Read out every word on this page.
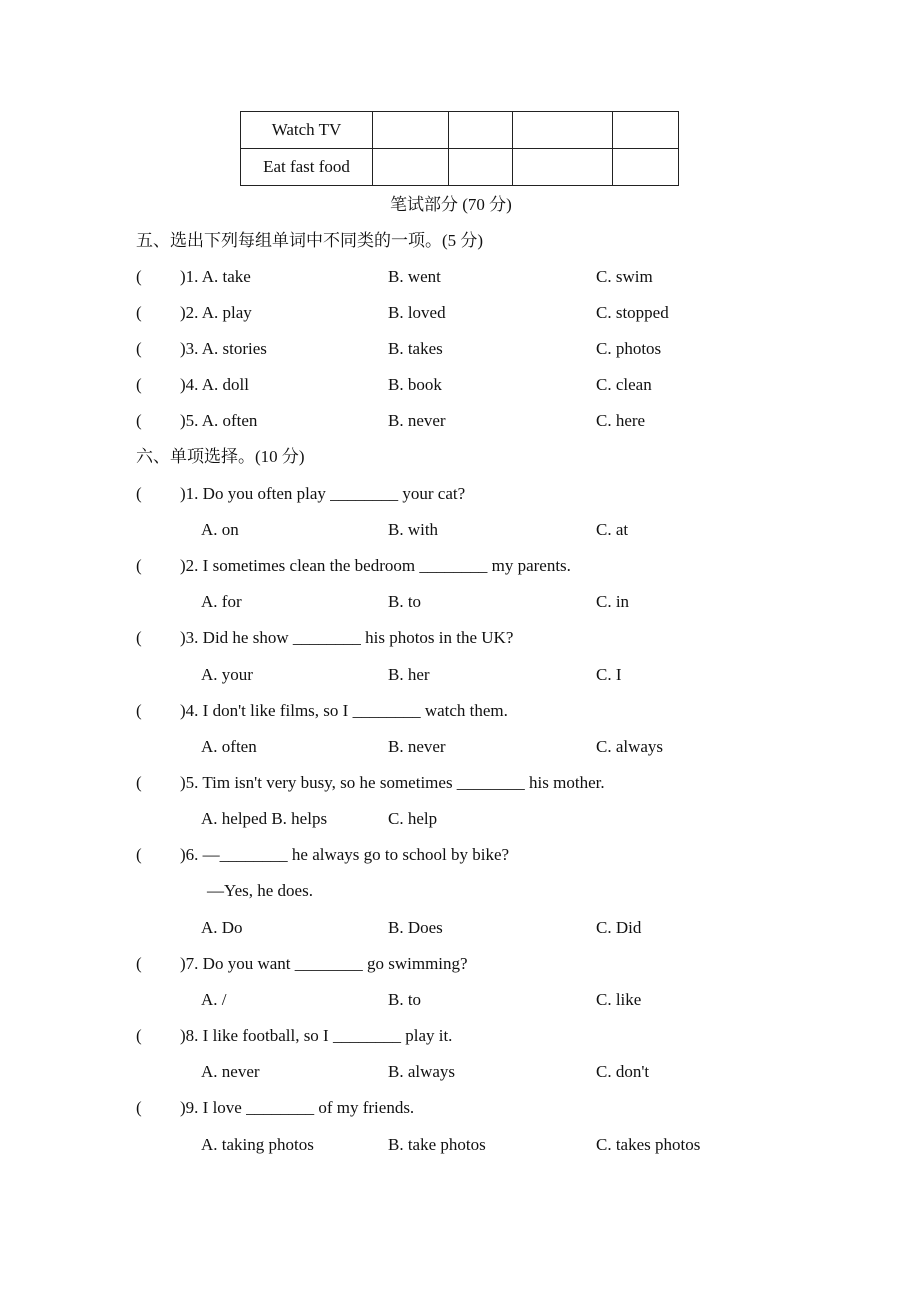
Watch TV				
Eat fast food				
笔试部分 (70 分)
五、选出下列每组单词中不同类的一项。(5 分)
( )1. A. take	B. went	C. swim
( )2. A. play	B. loved	C. stopped
( )3. A. stories	B. takes	C. photos
( )4. A. doll	B. book	C. clean
( )5. A. often	B. never	C. here
六、单项选择。(10 分)
( )1. Do you often play ________ your cat?
A. on	B. with	C. at
( )2. I sometimes clean the bedroom ________ my parents.
A. for	B. to	C. in
( )3. Did he show ________ his photos in the UK?
A. your	B. her	C. I
( )4. I don't like films, so I ________ watch them.
A. often	B. never	C. always
( )5. Tim isn't very busy, so he sometimes ________ his mother.
A. helped B. helps	C. help
( )6. —________ he always go to school by bike?
—Yes, he does.
A. Do	B. Does	C. Did
( )7. Do you want ________ go swimming?
A. /	B. to	C. like
( )8. I like football, so I ________ play it.
A. never	B. always	C. don't
( )9. I love ________ of my friends.
A. taking photos	B. take photos	C. takes photos
